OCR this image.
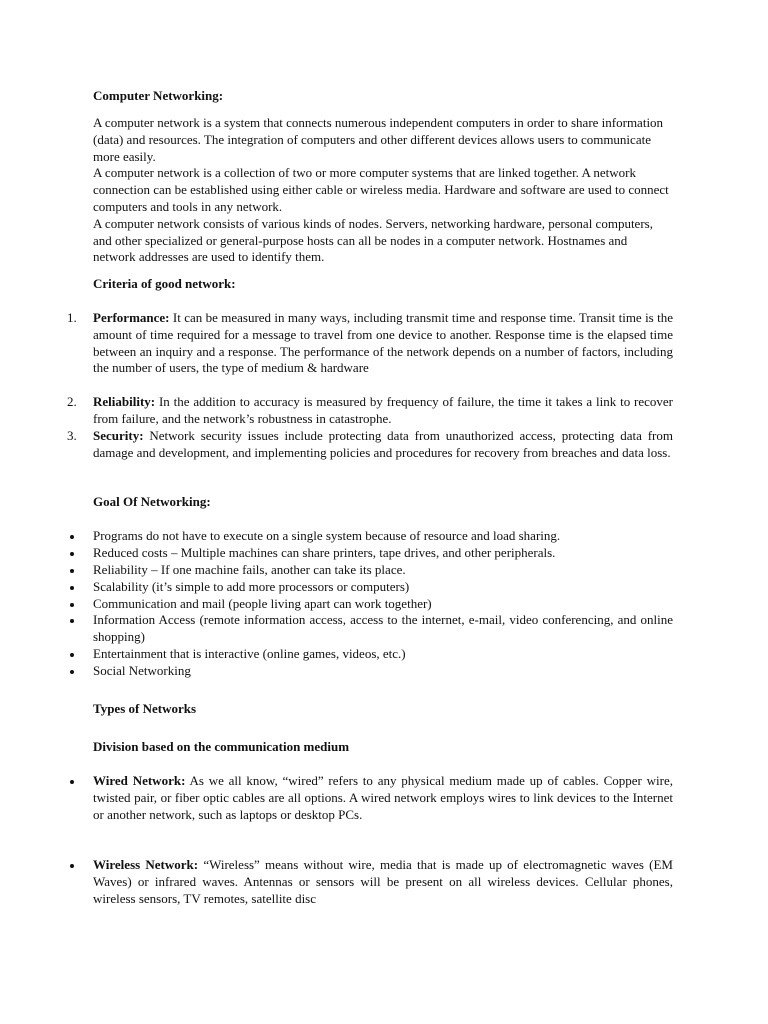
Computer Networking:

A computer network is a system that connects numerous independent computers in order to share information (data) and resources. The integration of computers and other different devices allows users to communicate more easily.

A computer network is a collection of two or more computer systems that are linked together. A network connection can be established using either cable or wireless media. Hardware and software are used to connect computers and tools in any network.

A computer network consists of various kinds of nodes. Servers, networking hardware, personal computers, and other specialized or general-purpose hosts can all be nodes in a computer network. Hostnames and network addresses are used to identify them.

Criteria of good network:
1.	Performance: It can be measured in many ways, including transmit time and response time. Transit time is the amount of time required for a message to travel from one device to another. Response time is the elapsed time between an inquiry and a response. The performance of the network depends on a number of factors, including the number of users, the type of medium & hardware
2.	Reliability: In the addition to accuracy is measured by frequency of failure, the time it takes a link to recover from failure, and the network’s robustness in catastrophe.
3.	Security: Network security issues include protecting data from unauthorized access, protecting data from damage and development, and implementing policies and procedures for recovery from breaches and data loss.
Goal Of Networking:
Programs do not have to execute on a single system because of resource and load sharing.
Reduced costs – Multiple machines can share printers, tape drives, and other peripherals.
Reliability – If one machine fails, another can take its place.
Scalability (it’s simple to add more processors or computers)
Communication and mail (people living apart can work together)
Information Access (remote information access, access to the internet, e-mail, video conferencing, and online shopping)
Entertainment that is interactive (online games, videos, etc.)
Social Networking
Types of Networks
Division based on the communication medium
Wired Network: As we all know, “wired” refers to any physical medium made up of cables. Copper wire, twisted pair, or fiber optic cables are all options. A wired network employs wires to link devices to the Internet or another network, such as laptops or desktop PCs.
Wireless Network: “Wireless” means without wire, media that is made up of electromagnetic waves (EM Waves) or infrared waves. Antennas or sensors will be present on all wireless devices. Cellular phones, wireless sensors, TV remotes, satellite disc
